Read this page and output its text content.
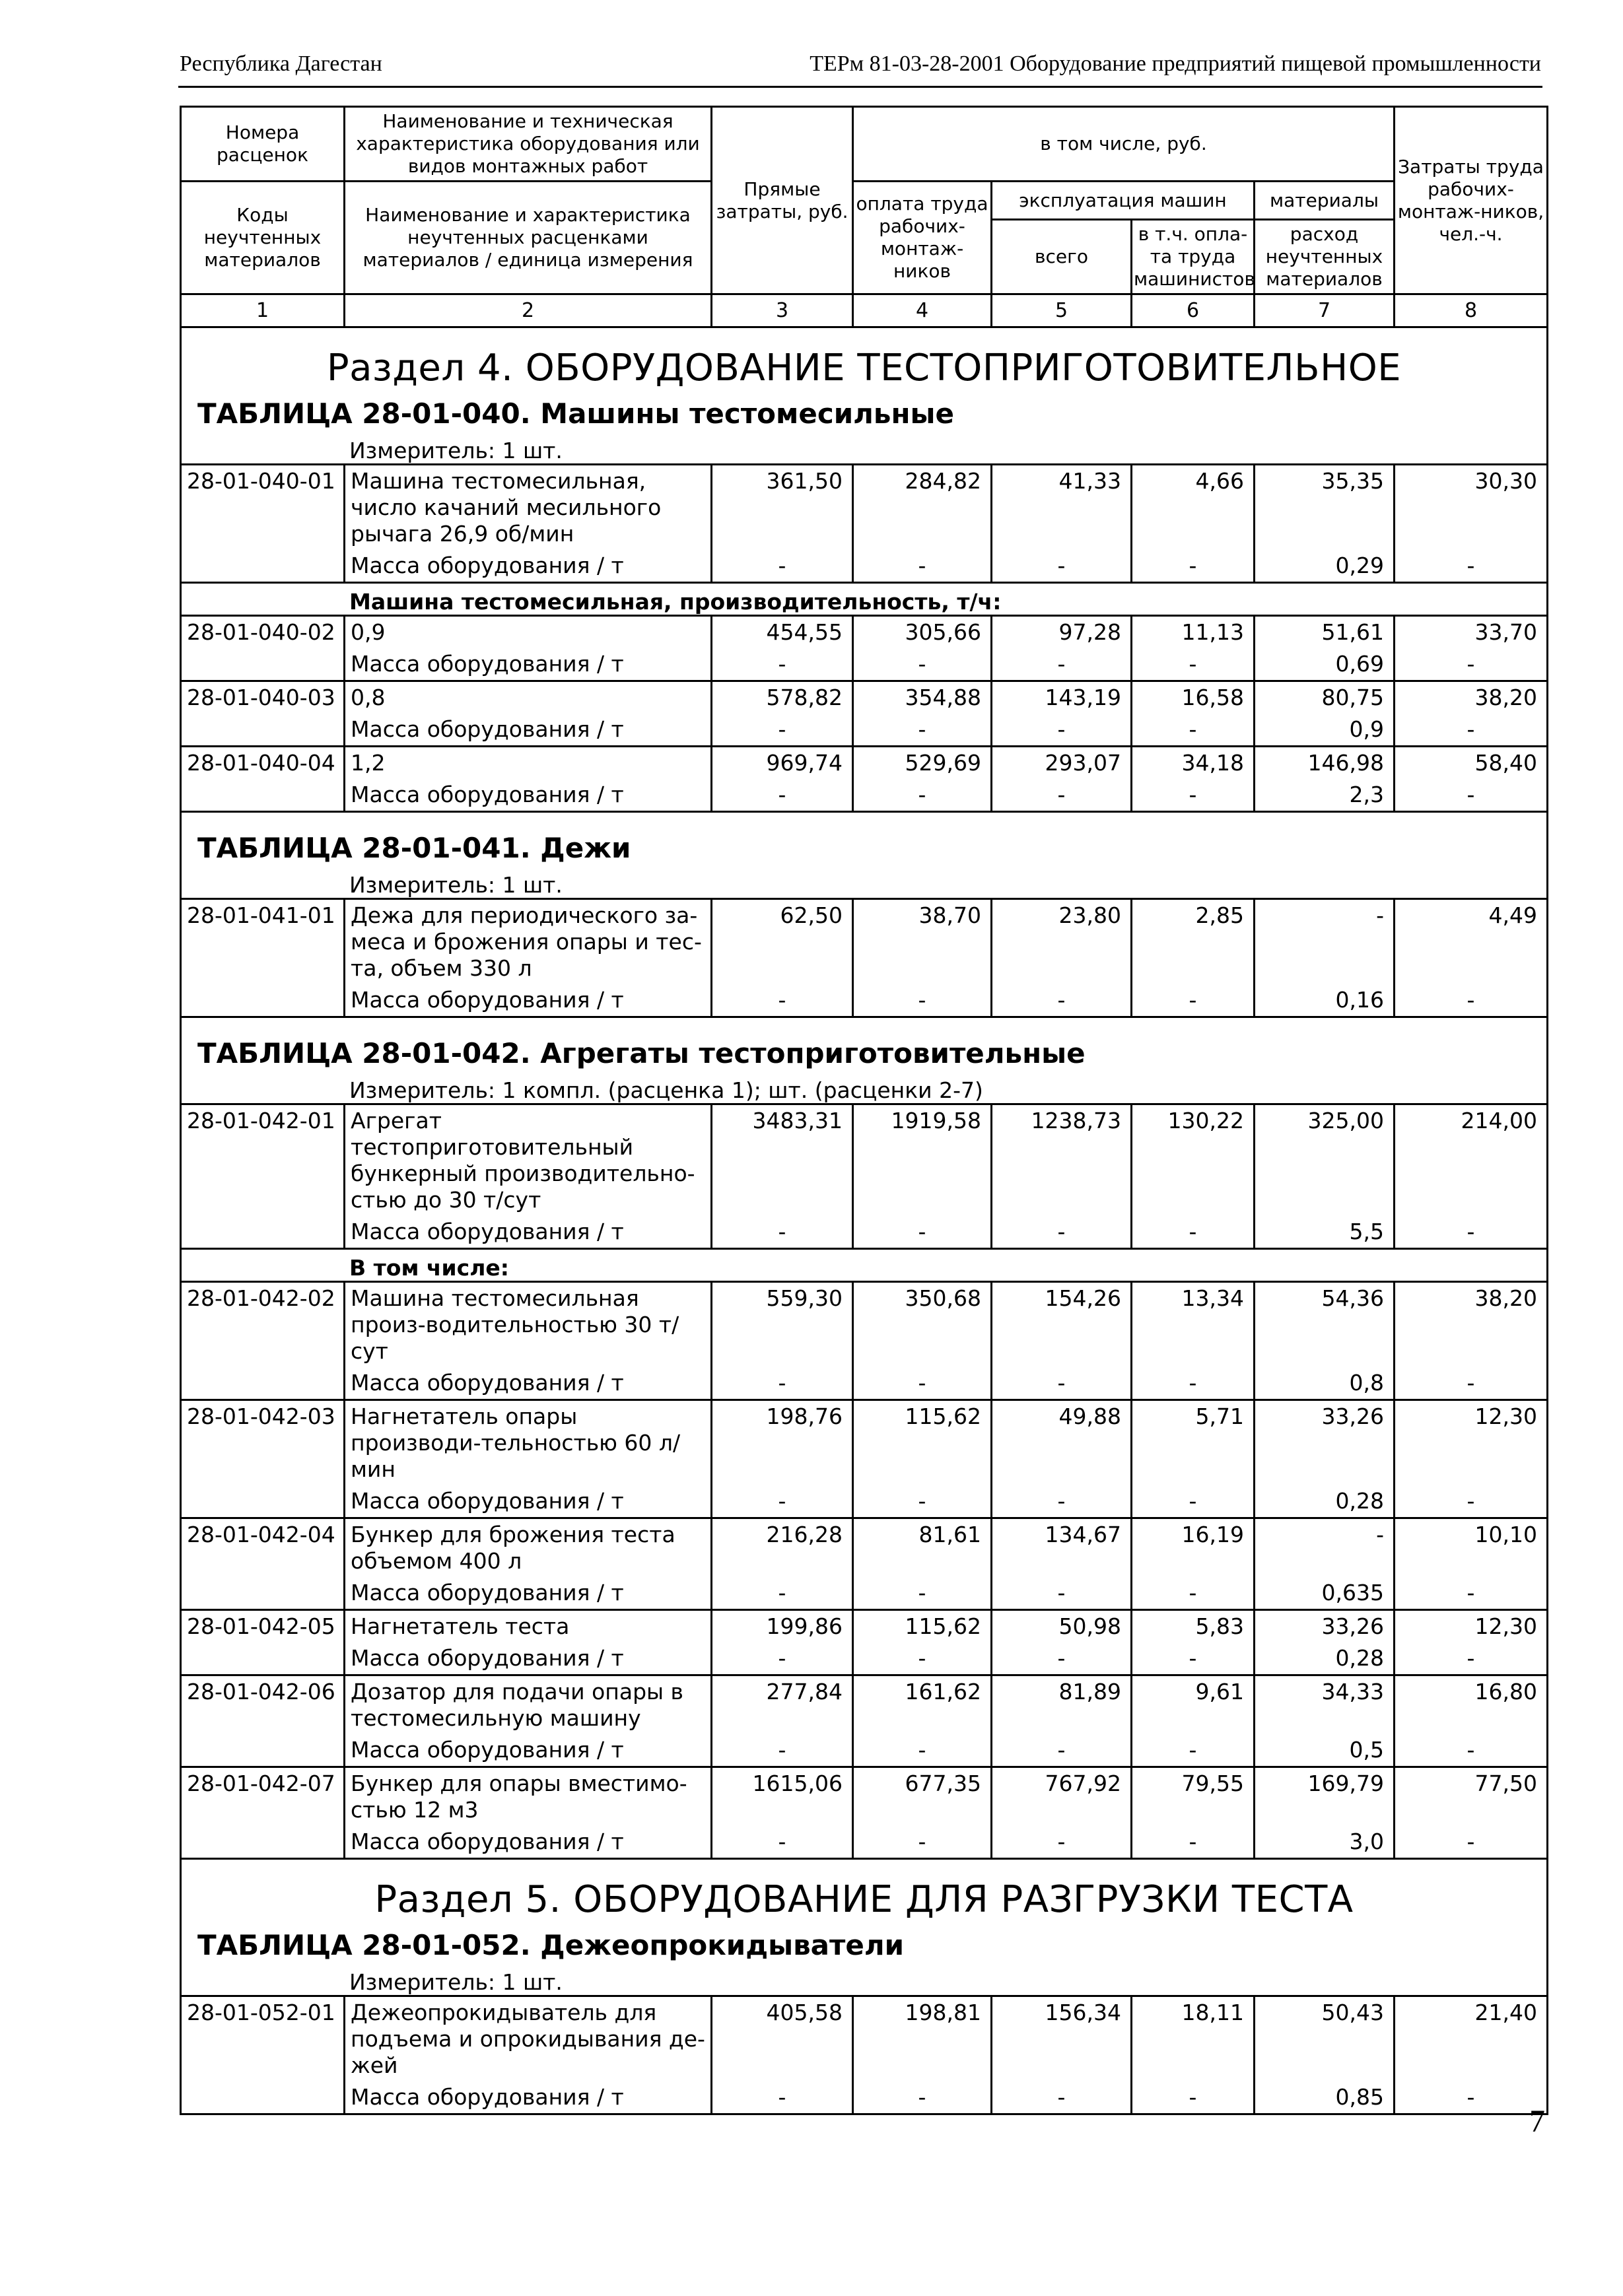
Республика Дагестан	ТЕРм 81-03-28-2001 Оборудование предприятий пищевой промышленности
Номера расценок	Наименование и техническая характеристика оборудования или видов монтажных работ	Прямые затраты, руб.	в том числе, руб.				Затраты труда рабочих-монтаж-ников, чел.-ч.
Коды неучтенных материалов	Наименование и характеристика неучтенных расценками материалов / единица измерения		оплата труда рабочих-монтаж-ников	эксплуатация машин		материалы	
				всего	в т.ч. опла-та труда машинистов	расход неучтенных материалов	
1	2	3	4	5	6	7	8

Раздел 4. ОБОРУДОВАНИЕ ТЕСТОПРИГОТОВИТЕЛЬНОЕ							
ТАБЛИЦА 28-01-040. Машины тестомесильные							
Измеритель: 1 шт.							
28-01-040-01	Машина тестомесильная, число качаний месильного рычага 26,9 об/мин	361,50	284,82	41,33	4,66	35,35	30,30
	Масса оборудования / т	-	-	-	-	0,29	-
Машина тестомесильная, производительность, т/ч:							
28-01-040-02	0,9	454,55	305,66	97,28	11,13	51,61	33,70
	Масса оборудования / т	-	-	-	-	0,69	-
28-01-040-03	0,8	578,82	354,88	143,19	16,58	80,75	38,20
	Масса оборудования / т	-	-	-	-	0,9	-
28-01-040-04	1,2	969,74	529,69	293,07	34,18	146,98	58,40
	Масса оборудования / т	-	-	-	-	2,3	-

ТАБЛИЦА 28-01-041. Дежи							
Измеритель: 1 шт.							
28-01-041-01	Дежа для периодического за-меса и брожения опары и тес-та, объем 330 л	62,50	38,70	23,80	2,85	-	4,49
	Масса оборудования / т	-	-	-	-	0,16	-

ТАБЛИЦА 28-01-042. Агрегаты тестоприготовительные							
Измеритель: 1 компл. (расценка 1); шт. (расценки 2-7)							
28-01-042-01	Агрегат тестоприготовительный бункерный производительно-стью до 30 т/сут	3483,31	1919,58	1238,73	130,22	325,00	214,00
	Масса оборудования / т	-	-	-	-	5,5	-
В том числе:							
28-01-042-02	Машина тестомесильная произ-водительностью 30 т/сут	559,30	350,68	154,26	13,34	54,36	38,20
	Масса оборудования / т	-	-	-	-	0,8	-
28-01-042-03	Нагнетатель опары производи-тельностью 60 л/мин	198,76	115,62	49,88	5,71	33,26	12,30
	Масса оборудования / т	-	-	-	-	0,28	-
28-01-042-04	Бункер для брожения теста объемом 400 л	216,28	81,61	134,67	16,19	-	10,10
	Масса оборудования / т	-	-	-	-	0,635	-
28-01-042-05	Нагнетатель теста	199,86	115,62	50,98	5,83	33,26	12,30
	Масса оборудования / т	-	-	-	-	0,28	-
28-01-042-06	Дозатор для подачи опары в тестомесильную машину	277,84	161,62	81,89	9,61	34,33	16,80
	Масса оборудования / т	-	-	-	-	0,5	-
28-01-042-07	Бункер для опары вместимо-стью 12 м3	1615,06	677,35	767,92	79,55	169,79	77,50
	Масса оборудования / т	-	-	-	-	3,0	-

Раздел 5. ОБОРУДОВАНИЕ ДЛЯ РАЗГРУЗКИ ТЕСТА							
ТАБЛИЦА 28-01-052. Дежеопрокидыватели							
Измеритель: 1 шт.							
28-01-052-01	Дежеопрокидыватель для подъема и опрокидывания де-жей	405,58	198,81	156,34	18,11	50,43	21,40
	Масса оборудования / т	-	-	-	-	0,85	-
7
